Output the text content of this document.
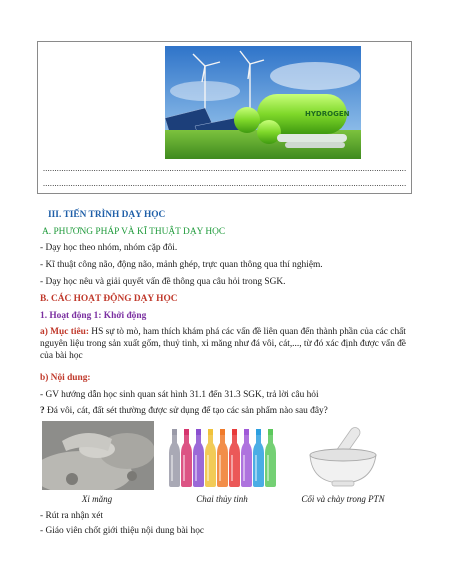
HYDROGEN
..............................................................................................................................................................
..............................................................................................................................................................
III. TIẾN TRÌNH DẠY HỌC
A. PHƯƠNG PHÁP VÀ KĨ THUẬT DẠY HỌC
- Dạy học theo nhóm, nhóm cặp đôi.
- Kĩ thuật công não, động não, mảnh ghép, trực quan thông qua thí nghiệm.
- Dạy học nêu và giải quyết vấn đề thông qua câu hỏi trong SGK.
B. CÁC HOẠT ĐỘNG DẠY HỌC
1. Hoạt động 1: Khởi động
a) Mục tiêu: HS sự tò mò, ham thích khám phá các vấn đề liên quan đến thành phần của các chất nguyên liệu trong sản xuất gốm, thuỷ tinh, xi măng như đá vôi, cát,..., từ đó xác định được vấn đề của bài học
b) Nội dung:
- GV hướng dẫn học sinh quan sát hình 31.1 đến 31.3 SGK, trả lời câu hỏi
? Đá vôi, cát, đất sét thường được sử dụng để tạo các sản phẩm nào sau đây?
Xi măng	Chai thủy tinh	Cối và chày trong PTN
- Rút ra nhận xét
- Giáo viên chốt giới thiệu nội dung bài học
